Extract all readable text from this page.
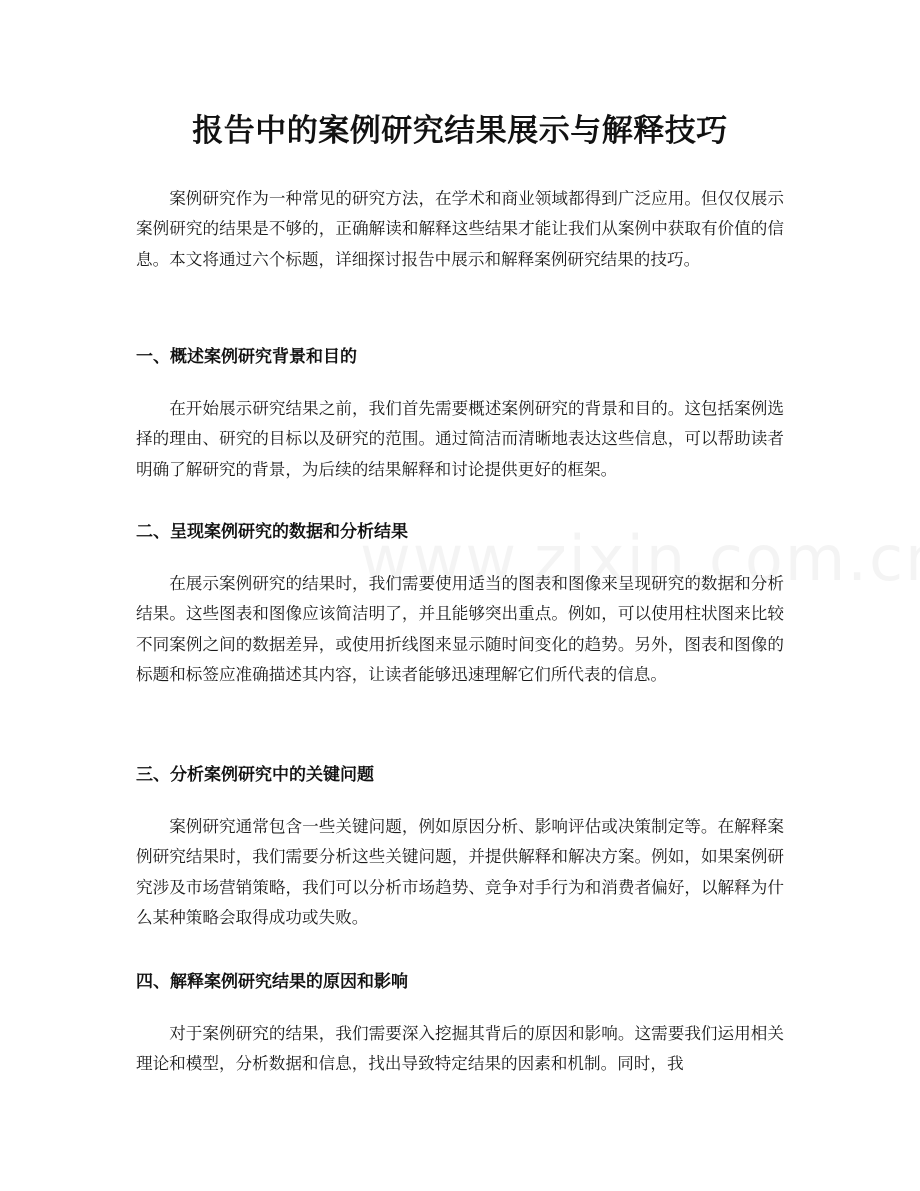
报告中的案例研究结果展示与解释技巧

案例研究作为一种常见的研究方法，在学术和商业领域都得到广泛应用。但仅仅展示案例研究的结果是不够的，正确解读和解释这些结果才能让我们从案例中获取有价值的信息。本文将通过六个标题，详细探讨报告中展示和解释案例研究结果的技巧。

一、概述案例研究背景和目的

在开始展示研究结果之前，我们首先需要概述案例研究的背景和目的。这包括案例选择的理由、研究的目标以及研究的范围。通过简洁而清晰地表达这些信息，可以帮助读者明确了解研究的背景，为后续的结果解释和讨论提供更好的框架。

二、呈现案例研究的数据和分析结果

在展示案例研究的结果时，我们需要使用适当的图表和图像来呈现研究的数据和分析结果。这些图表和图像应该简洁明了，并且能够突出重点。例如，可以使用柱状图来比较不同案例之间的数据差异，或使用折线图来显示随时间变化的趋势。另外，图表和图像的标题和标签应准确描述其内容，让读者能够迅速理解它们所代表的信息。

三、分析案例研究中的关键问题

案例研究通常包含一些关键问题，例如原因分析、影响评估或决策制定等。在解释案例研究结果时，我们需要分析这些关键问题，并提供解释和解决方案。例如，如果案例研究涉及市场营销策略，我们可以分析市场趋势、竞争对手行为和消费者偏好，以解释为什么某种策略会取得成功或失败。

四、解释案例研究结果的原因和影响

对于案例研究的结果，我们需要深入挖掘其背后的原因和影响。这需要我们运用相关理论和模型，分析数据和信息，找出导致特定结果的因素和机制。同时，我
